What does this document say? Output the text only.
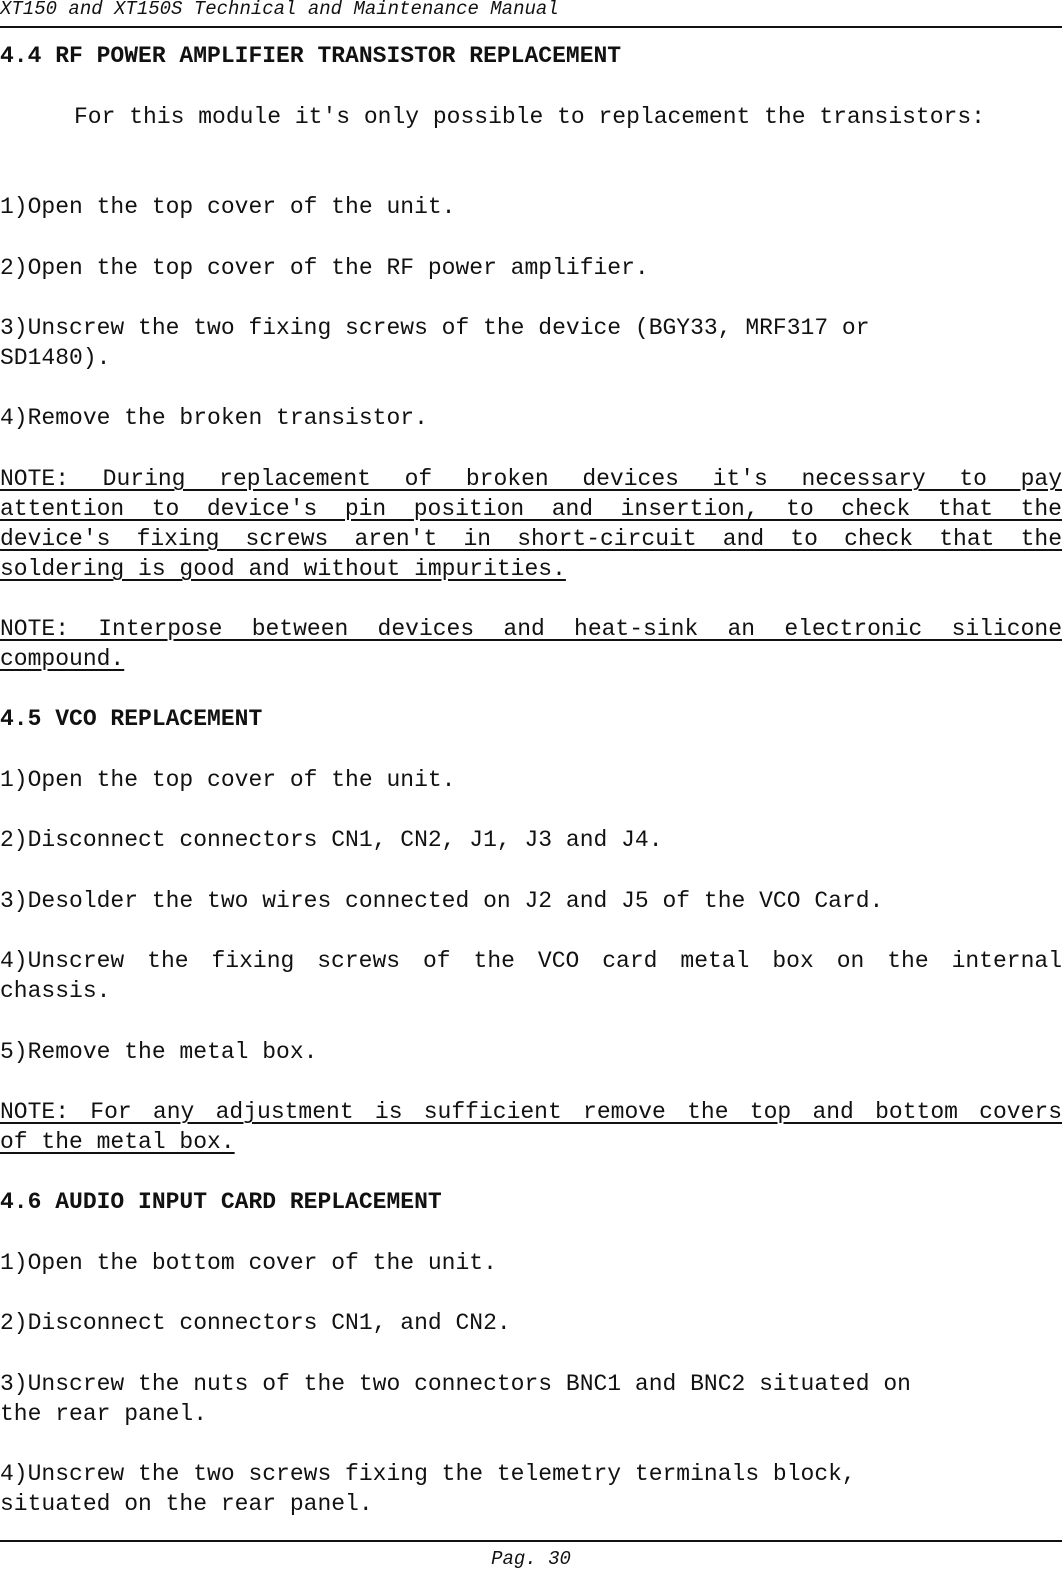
XT150 and XT150S Technical and Maintenance Manual
4.4 RF POWER AMPLIFIER TRANSISTOR REPLACEMENT
For this module it's only possible to replacement the transistors:
1)Open the top cover of the unit.
2)Open the top cover of the RF power amplifier.
3)Unscrew the two fixing screws of the device (BGY33, MRF317 or
SD1480).
4)Remove the broken transistor.
NOTE: During replacement of broken devices it's necessary to pay
attention to device's pin position and insertion, to check that the
device's fixing screws aren't in short-circuit and to check that the
soldering is good and without impurities.
NOTE: Interpose between devices and heat-sink an electronic silicone
compound.
4.5 VCO REPLACEMENT
1)Open the top cover of the unit.
2)Disconnect connectors CN1, CN2, J1, J3 and J4.
3)Desolder the two wires connected on J2 and J5 of the VCO Card.
4)Unscrew the fixing screws of the VCO card metal box on the internal
chassis.
5)Remove the metal box.
NOTE: For any adjustment is sufficient remove the top and bottom covers
of the metal box.
4.6 AUDIO INPUT CARD REPLACEMENT
1)Open the bottom cover of the unit.
2)Disconnect connectors CN1, and CN2.
3)Unscrew the nuts of the two connectors BNC1 and BNC2 situated on
the rear panel.
4)Unscrew the two screws fixing the telemetry terminals block,
situated on the rear panel.
Pag. 30
